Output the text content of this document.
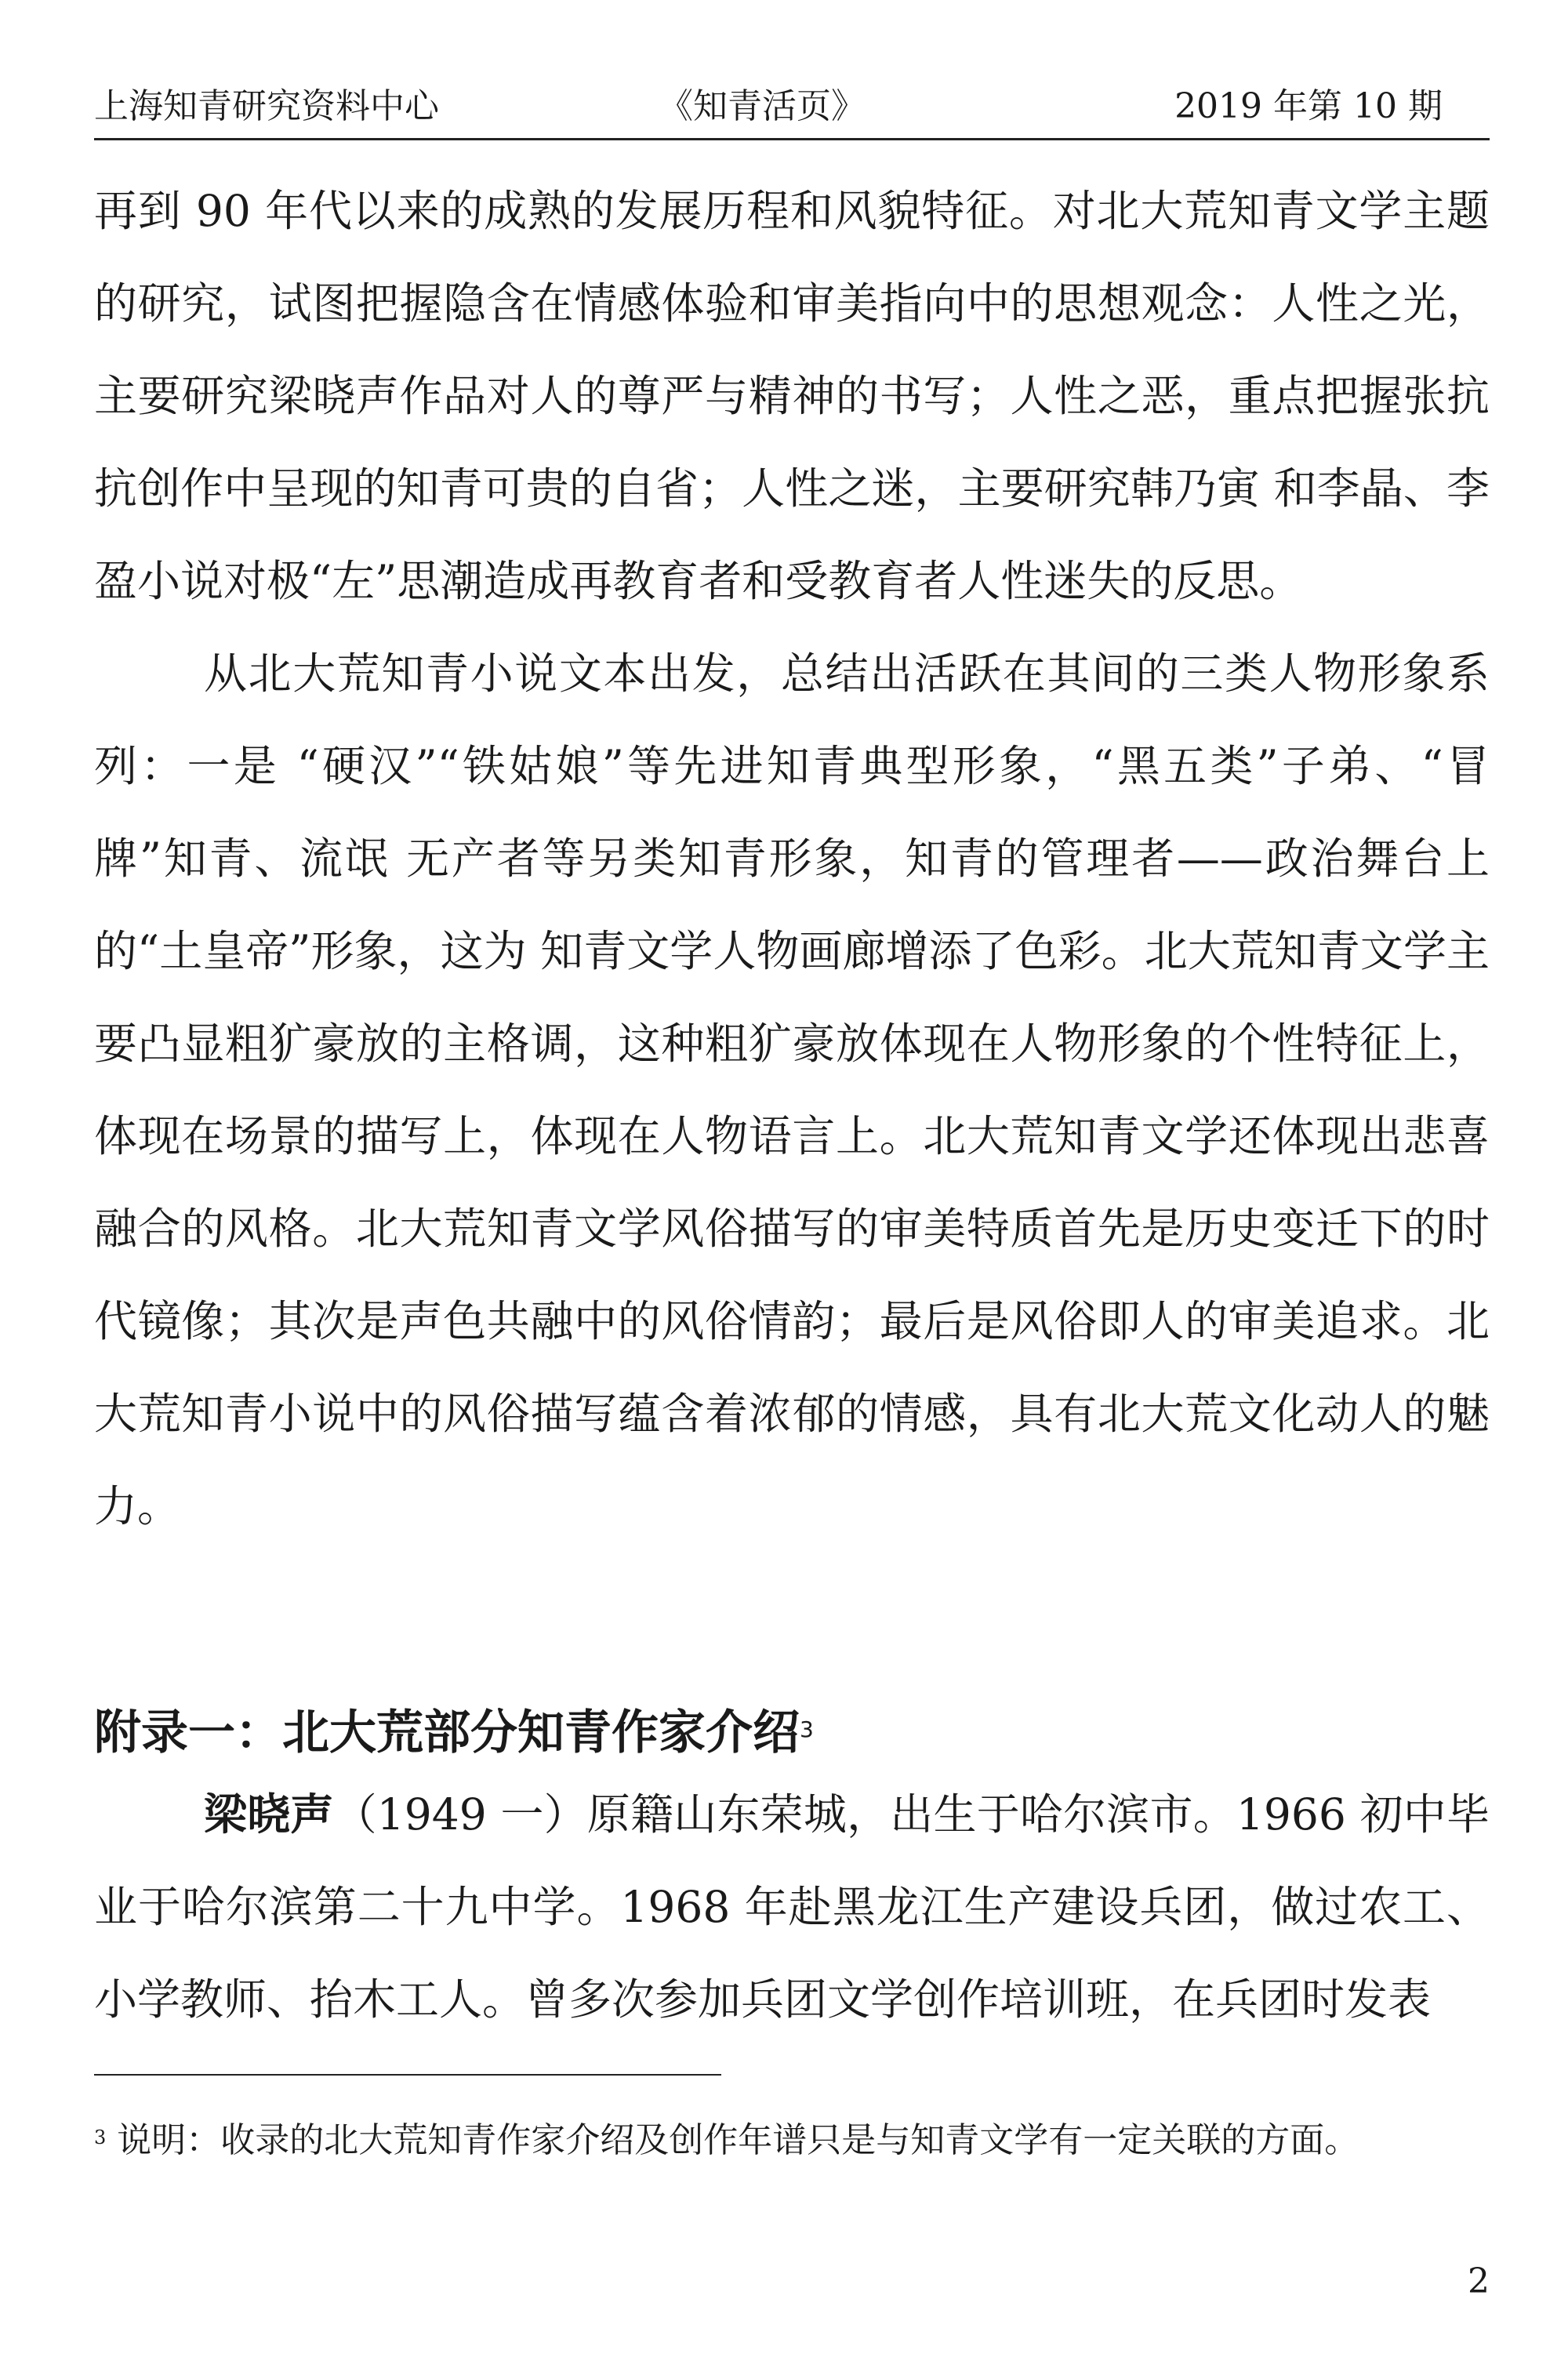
上海知青研究资料中心	《知青活页》	2019 年第 10 期

再到 90 年代以来的成熟的发展历程和风貌特征。对北大荒知青文学主题的研究，试图把握隐含在情感体验和审美指向中的思想观念：人性之光，主要研究梁晓声作品对人的尊严与精神的书写；人性之恶，重点把握张抗抗创作中呈现的知青可贵的自省；人性之迷，主要研究韩乃寅 和李晶、李盈小说对极“左”思潮造成再教育者和受教育者人性迷失的反思。

从北大荒知青小说文本出发，总结出活跃在其间的三类人物形象系列：一是 “硬汉”“铁姑娘”等先进知青典型形象，“黑五类”子弟、“冒牌”知青、流氓 无产者等另类知青形象，知青的管理者——政治舞台上的“土皇帝”形象，这为 知青文学人物画廊增添了色彩。北大荒知青文学主要凸显粗犷豪放的主格调，这种粗犷豪放体现在人物形象的个性特征上，体现在场景的描写上，体现在人物语言上。北大荒知青文学还体现出悲喜融合的风格。北大荒知青文学风俗描写的审美特质首先是历史变迁下的时代镜像；其次是声色共融中的风俗情韵；最后是风俗即人的审美追求。北大荒知青小说中的风俗描写蕴含着浓郁的情感，具有北大荒文化动人的魅力。

附录一：北大荒部分知青作家介绍$^3$

梁晓声（1949 一）原籍山东荣城，出生于哈尔滨市。1966 初中毕业于哈尔滨第二十九中学。1968 年赴黑龙江生产建设兵团，做过农工、小学教师、抬木工人。曾多次参加兵团文学创作培训班，在兵团时发表

$^3$ 说明：收录的北大荒知青作家介绍及创作年谱只是与知青文学有一定关联的方面。
2
